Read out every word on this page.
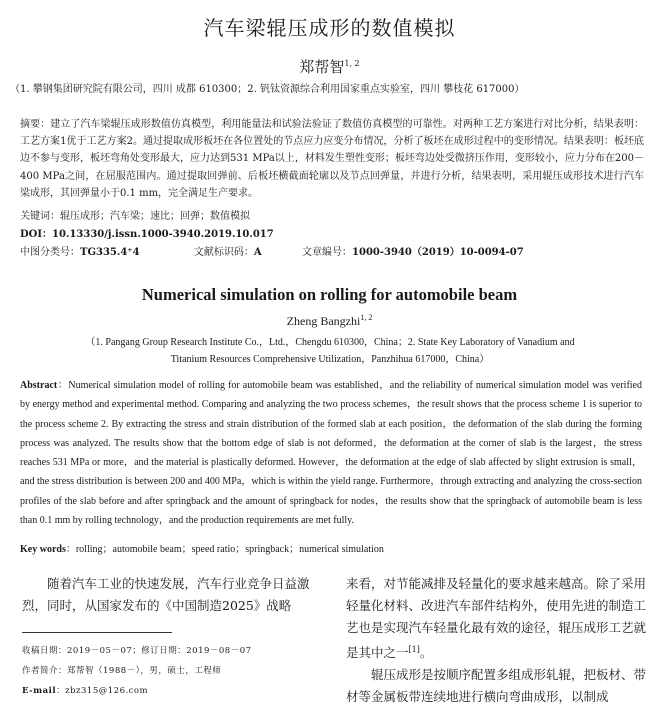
汽车梁辊压成形的数值模拟
郑帮智$^{1, 2}$
（1. 攀钢集团研究院有限公司，四川 成都 610300；2. 钒钛资源综合利用国家重点实验室，四川 攀枝花 617000）
摘要：建立了汽车梁辊压成形数值仿真模型，利用能量法和试验法验证了数值仿真模型的可靠性。对两种工艺方案进行对比分析，结果表明：工艺方案1优于工艺方案2。通过提取成形板坯在各位置处的节点应力应变分布情况，分析了板坯在成形过程中的变形情况。结果表明：板坯底边不参与变形，板坯弯角处变形最大，应力达到531 MPa以上，材料发生塑性变形；板坯弯边处受微挤压作用，变形较小，应力分布在200－400 MPa之间，在屈服范围内。通过提取回弹前、后板坯横截面轮廓以及节点回弹量，并进行分析，结果表明，采用辊压成形技术进行汽车梁成形，其回弹量小于0.1 mm，完全满足生产要求。
关键词：辊压成形；汽车梁；速比；回弹；数值模拟
DOI：10.13330/j.issn.1000-3940.2019.10.017
中图分类号：TG335.4⁺4	文献标识码：A	文章编号：1000-3940（2019）10-0094-07
Numerical simulation on rolling for automobile beam
Zheng Bangzhi$^{1, 2}$
（1. Pangang Group Research Institute Co.，Ltd.，Chengdu 610300，China；2. State Key Laboratory of Vanadium and
Titanium Resources Comprehensive Utilization，Panzhihua 617000，China）
Abstract：Numerical simulation model of rolling for automobile beam was established，and the reliability of numerical simulation model was verified by energy method and experimental method. Comparing and analyzing the two process schemes，the result shows that the process scheme 1 is superior to the process scheme 2. By extracting the stress and strain distribution of the formed slab at each position，the deformation of the slab during the forming process was analyzed. The results show that the bottom edge of slab is not deformed，the deformation at the corner of slab is the largest，the stress reaches 531 MPa or more，and the material is plastically deformed. However，the deformation at the edge of slab affected by slight extrusion is small，and the stress distribution is between 200 and 400 MPa，which is within the yield range. Furthermore，through extracting and analyzing the cross-section profiles of the slab before and after springback and the amount of springback for nodes，the results show that the springback of automobile beam is less than 0.1 mm by rolling technology，and the production requirements are met fully.
Key words：rolling；automobile beam；speed ratio；springback；numerical simulation
随着汽车工业的快速发展，汽车行业竞争日益激烈，同时，从国家发布的《中国制造2025》战略

来看，对节能减排及轻量化的要求越来越高。除了采用轻量化材料、改进汽车部件结构外，使用先进的制造工艺也是实现汽车轻量化最有效的途径，辊压成形工艺就是其中之一[1]。

辊压成形是按顺序配置多组成形轧辊，把板材、带材等金属板带连续地进行横向弯曲成形，以制成

收稿日期：2019－05－07；修订日期：2019－08－07
作者简介：郑帮智（1988－），男，硕士，工程师
E-mail：zbz315@126.com
